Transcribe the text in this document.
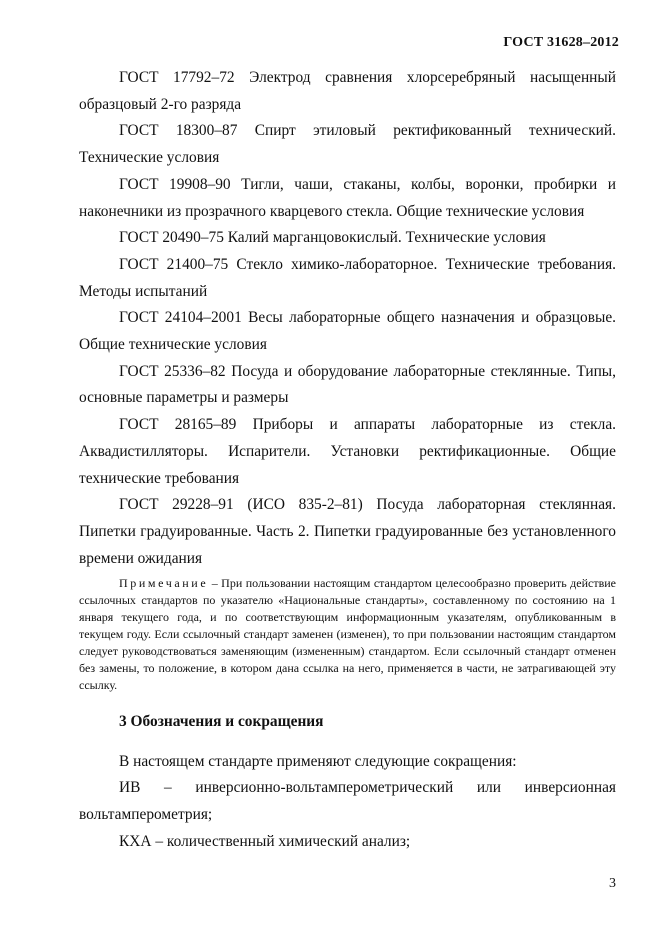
ГОСТ 31628–2012

ГОСТ 17792–72 Электрод сравнения хлорсеребряный насыщенный образцовый 2-го разряда

ГОСТ 18300–87 Спирт этиловый ректификованный технический. Технические условия

ГОСТ 19908–90 Тигли, чаши, стаканы, колбы, воронки, пробирки и наконечники из прозрачного кварцевого стекла. Общие технические условия

ГОСТ 20490–75 Калий марганцовокислый. Технические условия

ГОСТ 21400–75 Стекло химико-лабораторное. Технические требования. Методы испытаний

ГОСТ 24104–2001 Весы лабораторные общего назначения и образцовые. Общие технические условия

ГОСТ 25336–82 Посуда и оборудование лабораторные стеклянные. Типы, основные параметры и размеры

ГОСТ 28165–89 Приборы и аппараты лабораторные из стекла. Аквадистилляторы. Испарители. Установки ректификационные. Общие технические требования

ГОСТ 29228–91 (ИСО 835-2–81) Посуда лабораторная стеклянная. Пипетки градуированные. Часть 2. Пипетки градуированные без установленного времени ожидания

Примечание – При пользовании настоящим стандартом целесообразно проверить действие ссылочных стандартов по указателю «Национальные стандарты», составленному по состоянию на 1 января текущего года, и по соответствующим информационным указателям, опубликованным в текущем году. Если ссылочный стандарт заменен (изменен), то при пользовании настоящим стандартом следует руководствоваться заменяющим (измененным) стандартом. Если ссылочный стандарт отменен без замены, то положение, в котором дана ссылка на него, применяется в части, не затрагивающей эту ссылку.

3 Обозначения и сокращения

В настоящем стандарте применяют следующие сокращения:

ИВ – инверсионно-вольтамперометрический или инверсионная вольтамперометрия;

КХА – количественный химический анализ;

3
